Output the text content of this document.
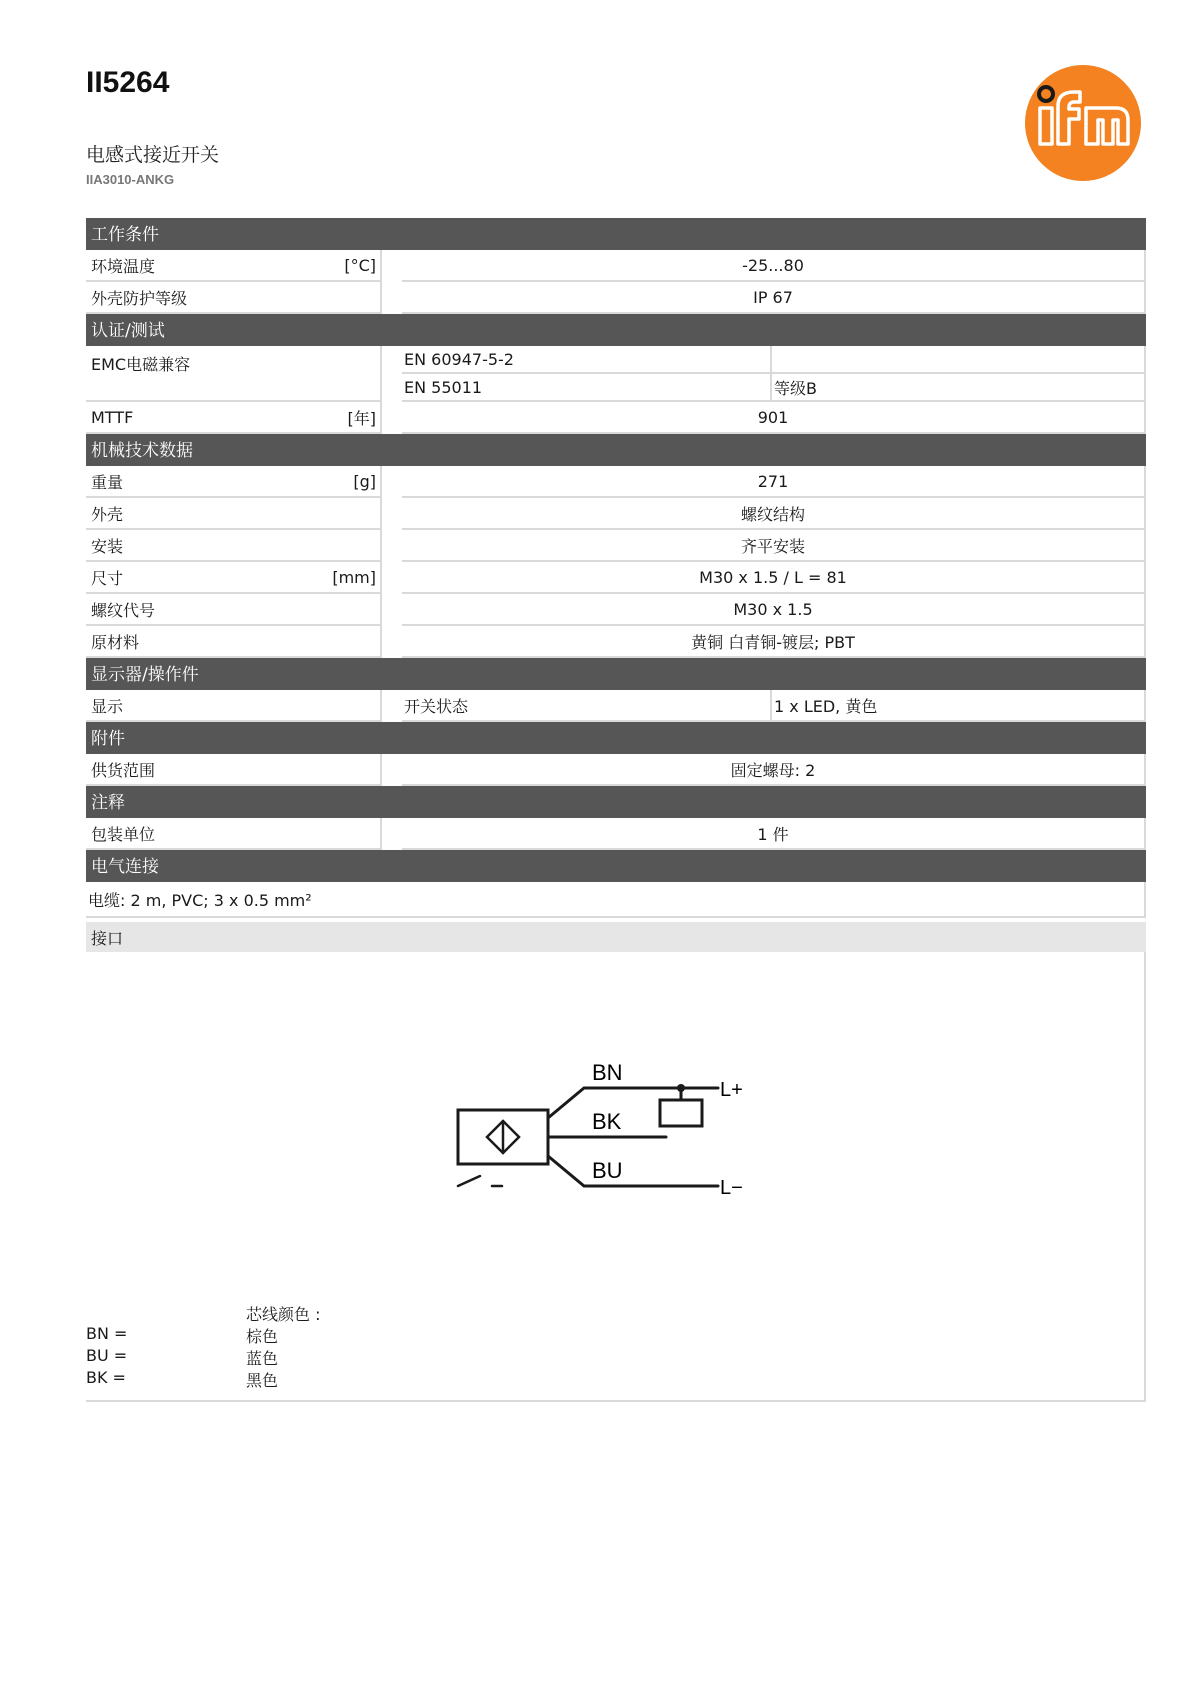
II5264
电感式接近开关
IIA3010-ANKG
工作条件
环境温度	[°C]	-25...80
外壳防护等级	IP 67
认证/测试
EMC电磁兼容	EN 60947-5-2
EN 55011	等级B
MTTF	[年]	901
机械技术数据
重量	[g]	271
外壳	螺纹结构
安装	齐平安装
尺寸	[mm]	M30 x 1.5 / L = 81
螺纹代号	M30 x 1.5
原材料	黄铜 白青铜-镀层; PBT
显示器/操作件
显示	开关状态	1 x LED, 黄色
附件
供货范围	固定螺母: 2
注释
包装单位	1 件
电气连接
电缆: 2 m, PVC; 3 x 0.5 mm²
接口
BN
BK
BU
L+
L−
芯线颜色 :
BN =	棕色
BU =	蓝色
BK =	黑色
